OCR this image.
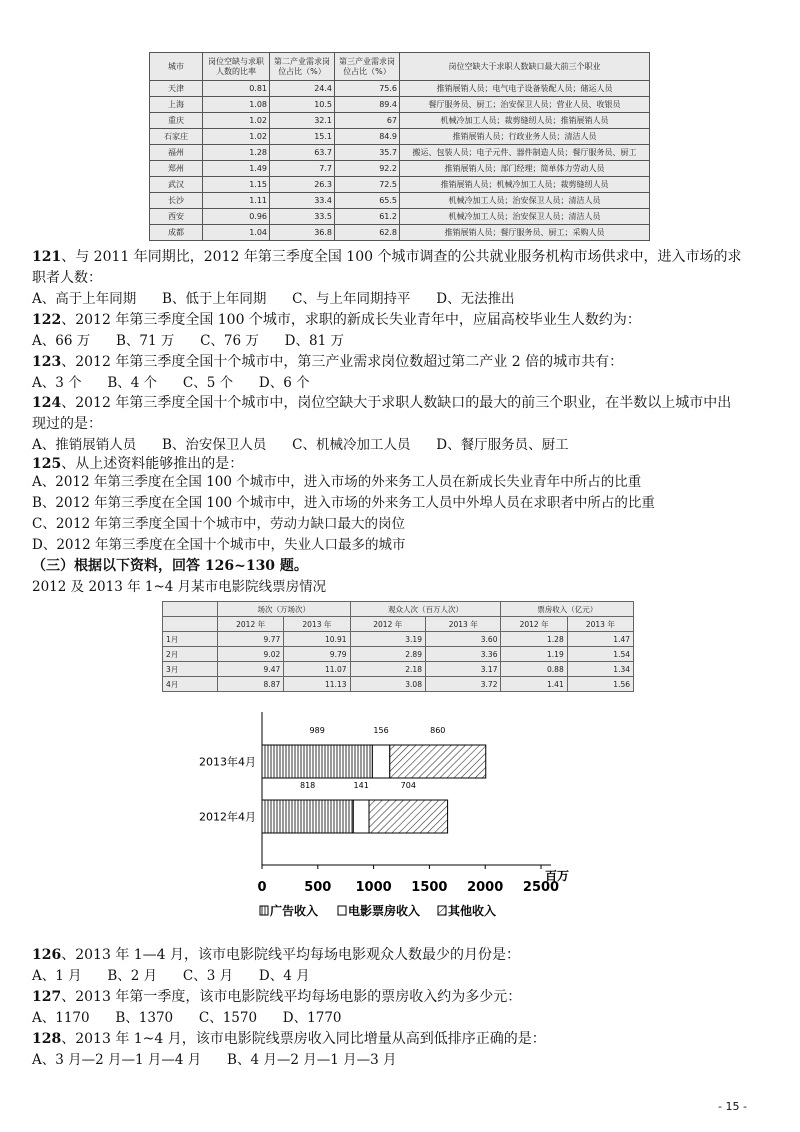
城市	岗位空缺与求职人数的比率	第二产业需求岗位占比（%）	第三产业需求岗位占比（%）	岗位空缺大于求职人数缺口最大前三个职业
天津	0.81	24.4	75.6	推销展销人员；电气电子设备装配人员；储运人员
上海	1.08	10.5	89.4	餐厅服务员、厨工；治安保卫人员；营业人员、收银员
重庆	1.02	32.1	67	机械冷加工人员；裁剪缝纫人员；推销展销人员
石家庄	1.02	15.1	84.9	推销展销人员；行政业务人员；清洁人员
福州	1.28	63.7	35.7	搬运、包装人员；电子元件、器件制造人员；餐厅服务员、厨工
郑州	1.49	7.7	92.2	推销展销人员；部门经理；简单体力劳动人员
武汉	1.15	26.3	72.5	推销展销人员；机械冷加工人员；裁剪缝纫人员
长沙	1.11	33.4	65.5	机械冷加工人员；治安保卫人员；清洁人员
西安	0.96	33.5	61.2	机械冷加工人员；治安保卫人员；清洁人员
成都	1.04	36.8	62.8	推销展销人员；餐厅服务员、厨工；采购人员
121、与 2011 年同期比，2012 年第三季度全国 100 个城市调查的公共就业服务机构市场供求中，进入市场的求
职者人数：
A、高于上年同期      B、低于上年同期      C、与上年同期持平      D、无法推出
122、2012 年第三季度全国 100 个城市，求职的新成长失业青年中，应届高校毕业生人数约为：
A、66 万      B、71 万      C、76 万      D、81 万
123、2012 年第三季度全国十个城市中，第三产业需求岗位数超过第二产业 2 倍的城市共有：
A、3 个      B、4 个      C、5 个      D、6 个
124、2012 年第三季度全国十个城市中，岗位空缺大于求职人数缺口的最大的前三个职业，在半数以上城市中出
现过的是：
A、推销展销人员      B、治安保卫人员      C、机械冷加工人员      D、餐厅服务员、厨工
125、从上述资料能够推出的是：
A、2012 年第三季度在全国 100 个城市中，进入市场的外来务工人员在新成长失业青年中所占的比重
B、2012 年第三季度在全国 100 个城市中，进入市场的外来务工人员中外埠人员在求职者中所占的比重
C、2012 年第三季度全国十个城市中，劳动力缺口最大的岗位
D、2012 年第三季度在全国十个城市中，失业人口最多的城市
（三）根据以下资料，回答 126~130 题。
2012 及 2013 年 1~4 月某市电影院线票房情况
	场次（万场次）		观众人次（百万人次）		票房收入（亿元）	
	2012 年	2013 年	2012 年	2013 年	2012 年	2013 年
1月	9.77	10.91	3.19	3.60	1.28	1.47
2月	9.02	9.79	2.89	3.36	1.19	1.54
3月	9.47	11.07	2.18	3.17	0.88	1.34
4月	8.87	11.13	3.08	3.72	1.41	1.56
0	500 1000 1500 2000 2500
百万
2013年4月
989	156	860
2012年4月
818	141	704
广告收入 电影票房收入 其他收入
126、2013 年 1—4 月，该市电影院线平均每场电影观众人数最少的月份是：
A、1 月      B、2 月      C、3 月      D、4 月
127、2013 年第一季度，该市电影院线平均每场电影的票房收入约为多少元：
A、1170      B、1370      C、1570      D、1770
128、2013 年 1~4 月，该市电影院线票房收入同比增量从高到低排序正确的是：
A、3 月—2 月—1 月—4 月      B、4 月—2 月—1 月—3 月
- 15 -
